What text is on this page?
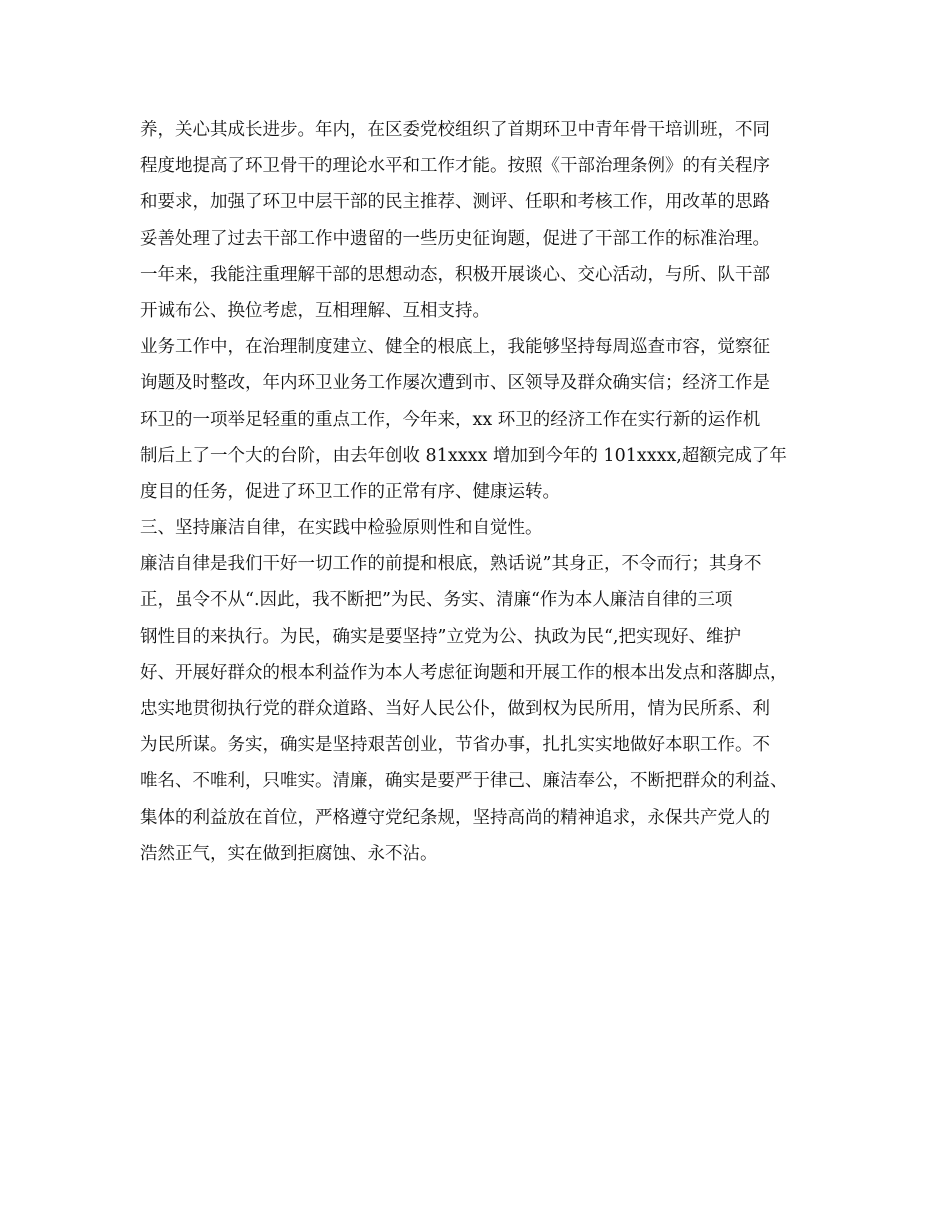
养，关心其成长进步。年内，在区委党校组织了首期环卫中青年骨干培训班，不同
程度地提高了环卫骨干的理论水平和工作才能。按照《干部治理条例》的有关程序
和要求，加强了环卫中层干部的民主推荐、测评、任职和考核工作，用改革的思路
妥善处理了过去干部工作中遗留的一些历史征询题，促进了干部工作的标准治理。
一年来，我能注重理解干部的思想动态，积极开展谈心、交心活动，与所、队干部
开诚布公、换位考虑，互相理解、互相支持。
业务工作中，在治理制度建立、健全的根底上，我能够坚持每周巡查市容，觉察征
询题及时整改，年内环卫业务工作屡次遭到市、区领导及群众确实信；经济工作是
环卫的一项举足轻重的重点工作，今年来，xx 环卫的经济工作在实行新的运作机
制后上了一个大的台阶，由去年创收 81xxxx 增加到今年的 101xxxx,超额完成了年
度目的任务，促进了环卫工作的正常有序、健康运转。
三、坚持廉洁自律，在实践中检验原则性和自觉性。
廉洁自律是我们干好一切工作的前提和根底，熟话说”其身正，不令而行；其身不
正，虽令不从“.因此，我不断把”为民、务实、清廉“作为本人廉洁自律的三项
钢性目的来执行。为民，确实是要坚持”立党为公、执政为民“,把实现好、维护
好、开展好群众的根本利益作为本人考虑征询题和开展工作的根本出发点和落脚点，
忠实地贯彻执行党的群众道路、当好人民公仆，做到权为民所用，情为民所系、利
为民所谋。务实，确实是坚持艰苦创业，节省办事，扎扎实实地做好本职工作。不
唯名、不唯利，只唯实。清廉，确实是要严于律己、廉洁奉公，不断把群众的利益、
集体的利益放在首位，严格遵守党纪条规，坚持高尚的精神追求，永保共产党人的
浩然正气，实在做到拒腐蚀、永不沾。
